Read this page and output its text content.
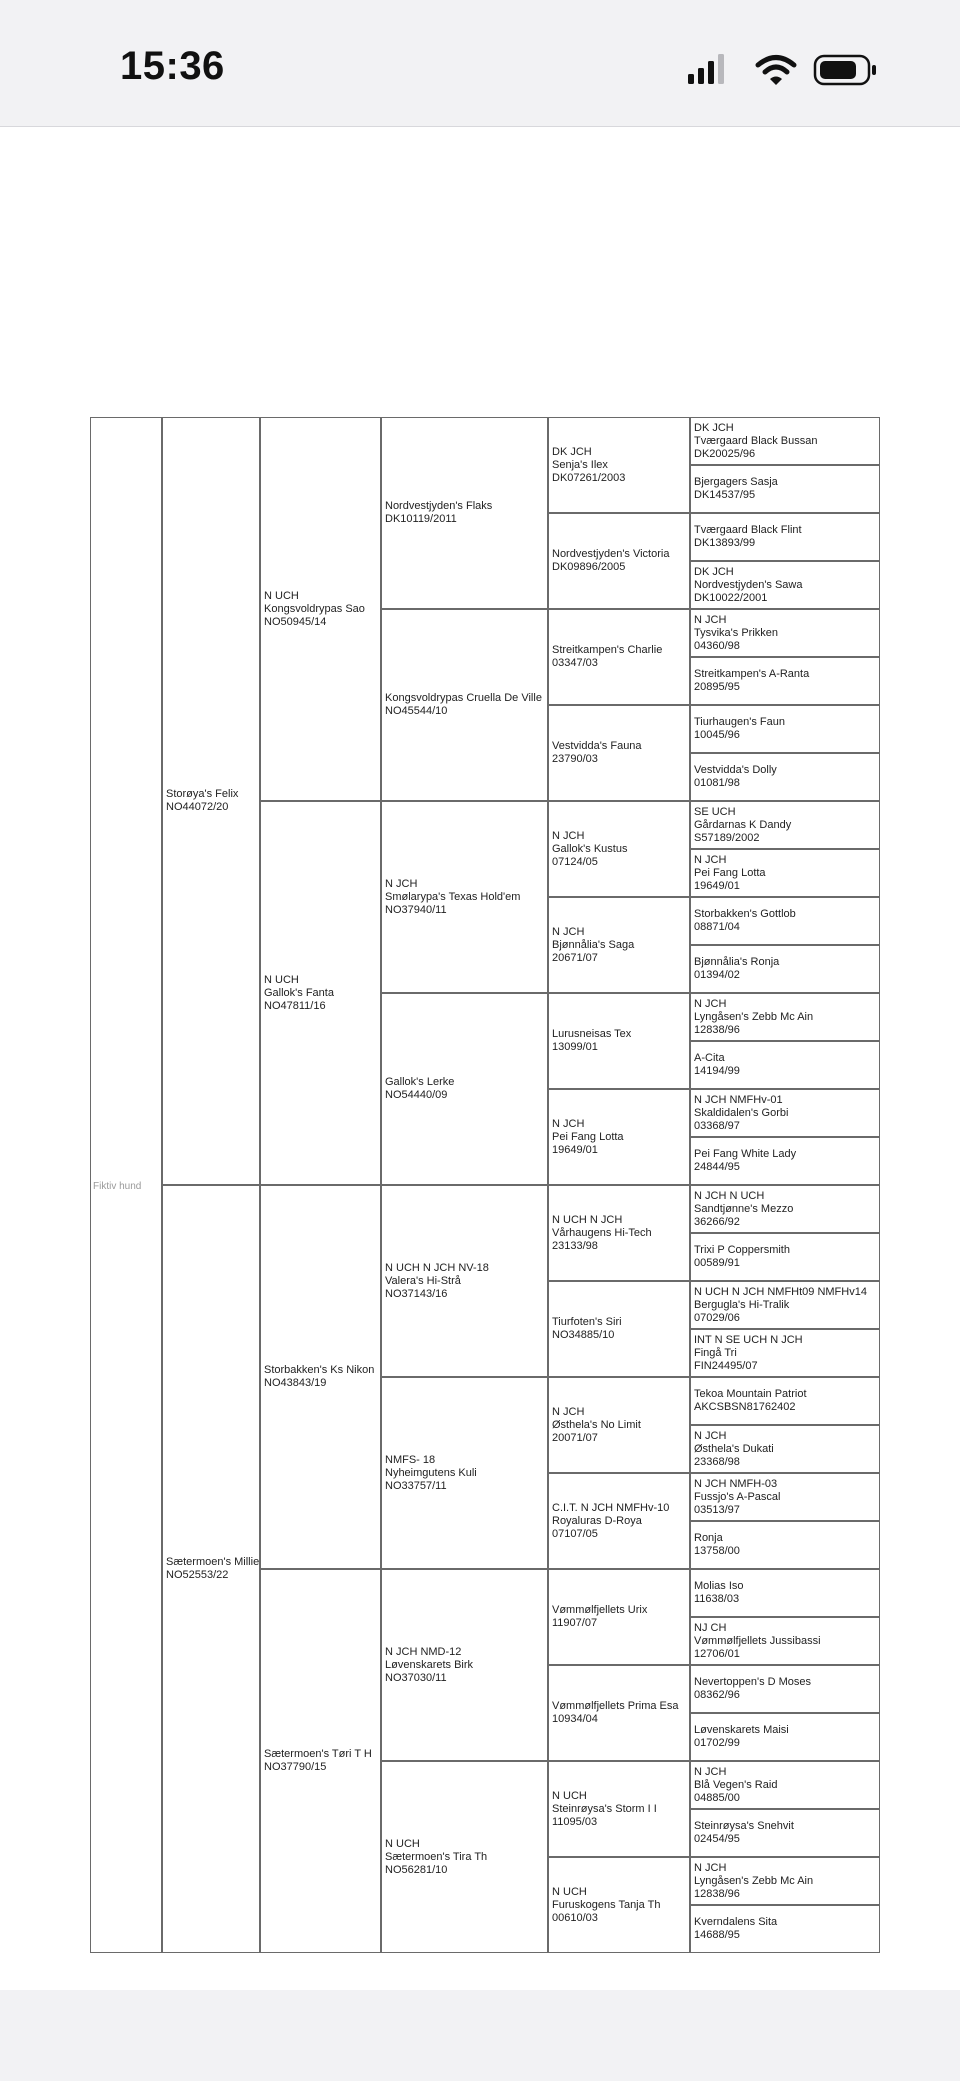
15:36
Fiktiv hund
Storøya's Felix
NO44072/20
Sætermoen's Millie
NO52553/22
N UCH
Kongsvoldrypas Sao
NO50945/14
N UCH
Gallok's Fanta
NO47811/16
Storbakken's Ks Nikon
NO43843/19
Sætermoen's Tøri T H
NO37790/15
Nordvestjyden's Flaks
DK10119/2011
Kongsvoldrypas Cruella De Ville
NO45544/10
N JCH
Smølarypa's Texas Hold'em
NO37940/11
Gallok's Lerke
NO54440/09
N UCH N JCH NV-18
Valera's Hi-Strå
NO37143/16
NMFS- 18
Nyheimgutens Kuli
NO33757/11
N JCH NMD-12
Løvenskarets Birk
NO37030/11
N UCH
Sætermoen's Tira Th
NO56281/10
DK JCH
Senja's Ilex
DK07261/2003
Nordvestjyden's Victoria
DK09896/2005
Streitkampen's Charlie
03347/03
Vestvidda's Fauna
23790/03
N JCH
Gallok's Kustus
07124/05
N JCH
Bjønnålia's Saga
20671/07
Lurusneisas Tex
13099/01
N JCH
Pei Fang Lotta
19649/01
N UCH N JCH
Vårhaugens Hi-Tech
23133/98
Tiurfoten's Siri
NO34885/10
N JCH
Østhela's No Limit
20071/07
C.I.T. N JCH NMFHv-10
Royaluras D-Roya
07107/05
Vømmølfjellets Urix
11907/07
Vømmølfjellets Prima Esa
10934/04
N UCH
Steinrøysa's Storm I I
11095/03
N UCH
Furuskogens Tanja Th
00610/03
DK JCH
Tværgaard Black Bussan
DK20025/96
Bjergagers Sasja
DK14537/95
Tværgaard Black Flint
DK13893/99
DK JCH
Nordvestjyden's Sawa
DK10022/2001
N JCH
Tysvika's Prikken
04360/98
Streitkampen's A-Ranta
20895/95
Tiurhaugen's Faun
10045/96
Vestvidda's Dolly
01081/98
SE UCH
Gårdarnas K Dandy
S57189/2002
N JCH
Pei Fang Lotta
19649/01
Storbakken's Gottlob
08871/04
Bjønnålia's Ronja
01394/02
N JCH
Lyngåsen's Zebb Mc Ain
12838/96
A-Cita
14194/99
N JCH NMFHv-01
Skaldidalen's Gorbi
03368/97
Pei Fang White Lady
24844/95
N JCH N UCH
Sandtjønne's Mezzo
36266/92
Trixi P Coppersmith
00589/91
N UCH N JCH NMFHt09 NMFHv14
Bergugla's Hi-Tralik
07029/06
INT N SE UCH N JCH
Fingå Tri
FIN24495/07
Tekoa Mountain Patriot
AKCSBSN81762402
N JCH
Østhela's Dukati
23368/98
N JCH NMFH-03
Fussjo's A-Pascal
03513/97
Ronja
13758/00
Molias Iso
11638/03
NJ CH
Vømmølfjellets Jussibassi
12706/01
Nevertoppen's D Moses
08362/96
Løvenskarets Maisi
01702/99
N JCH
Blå Vegen's Raid
04885/00
Steinrøysa's Snehvit
02454/95
N JCH
Lyngåsen's Zebb Mc Ain
12838/96
Kverndalens Sita
14688/95
